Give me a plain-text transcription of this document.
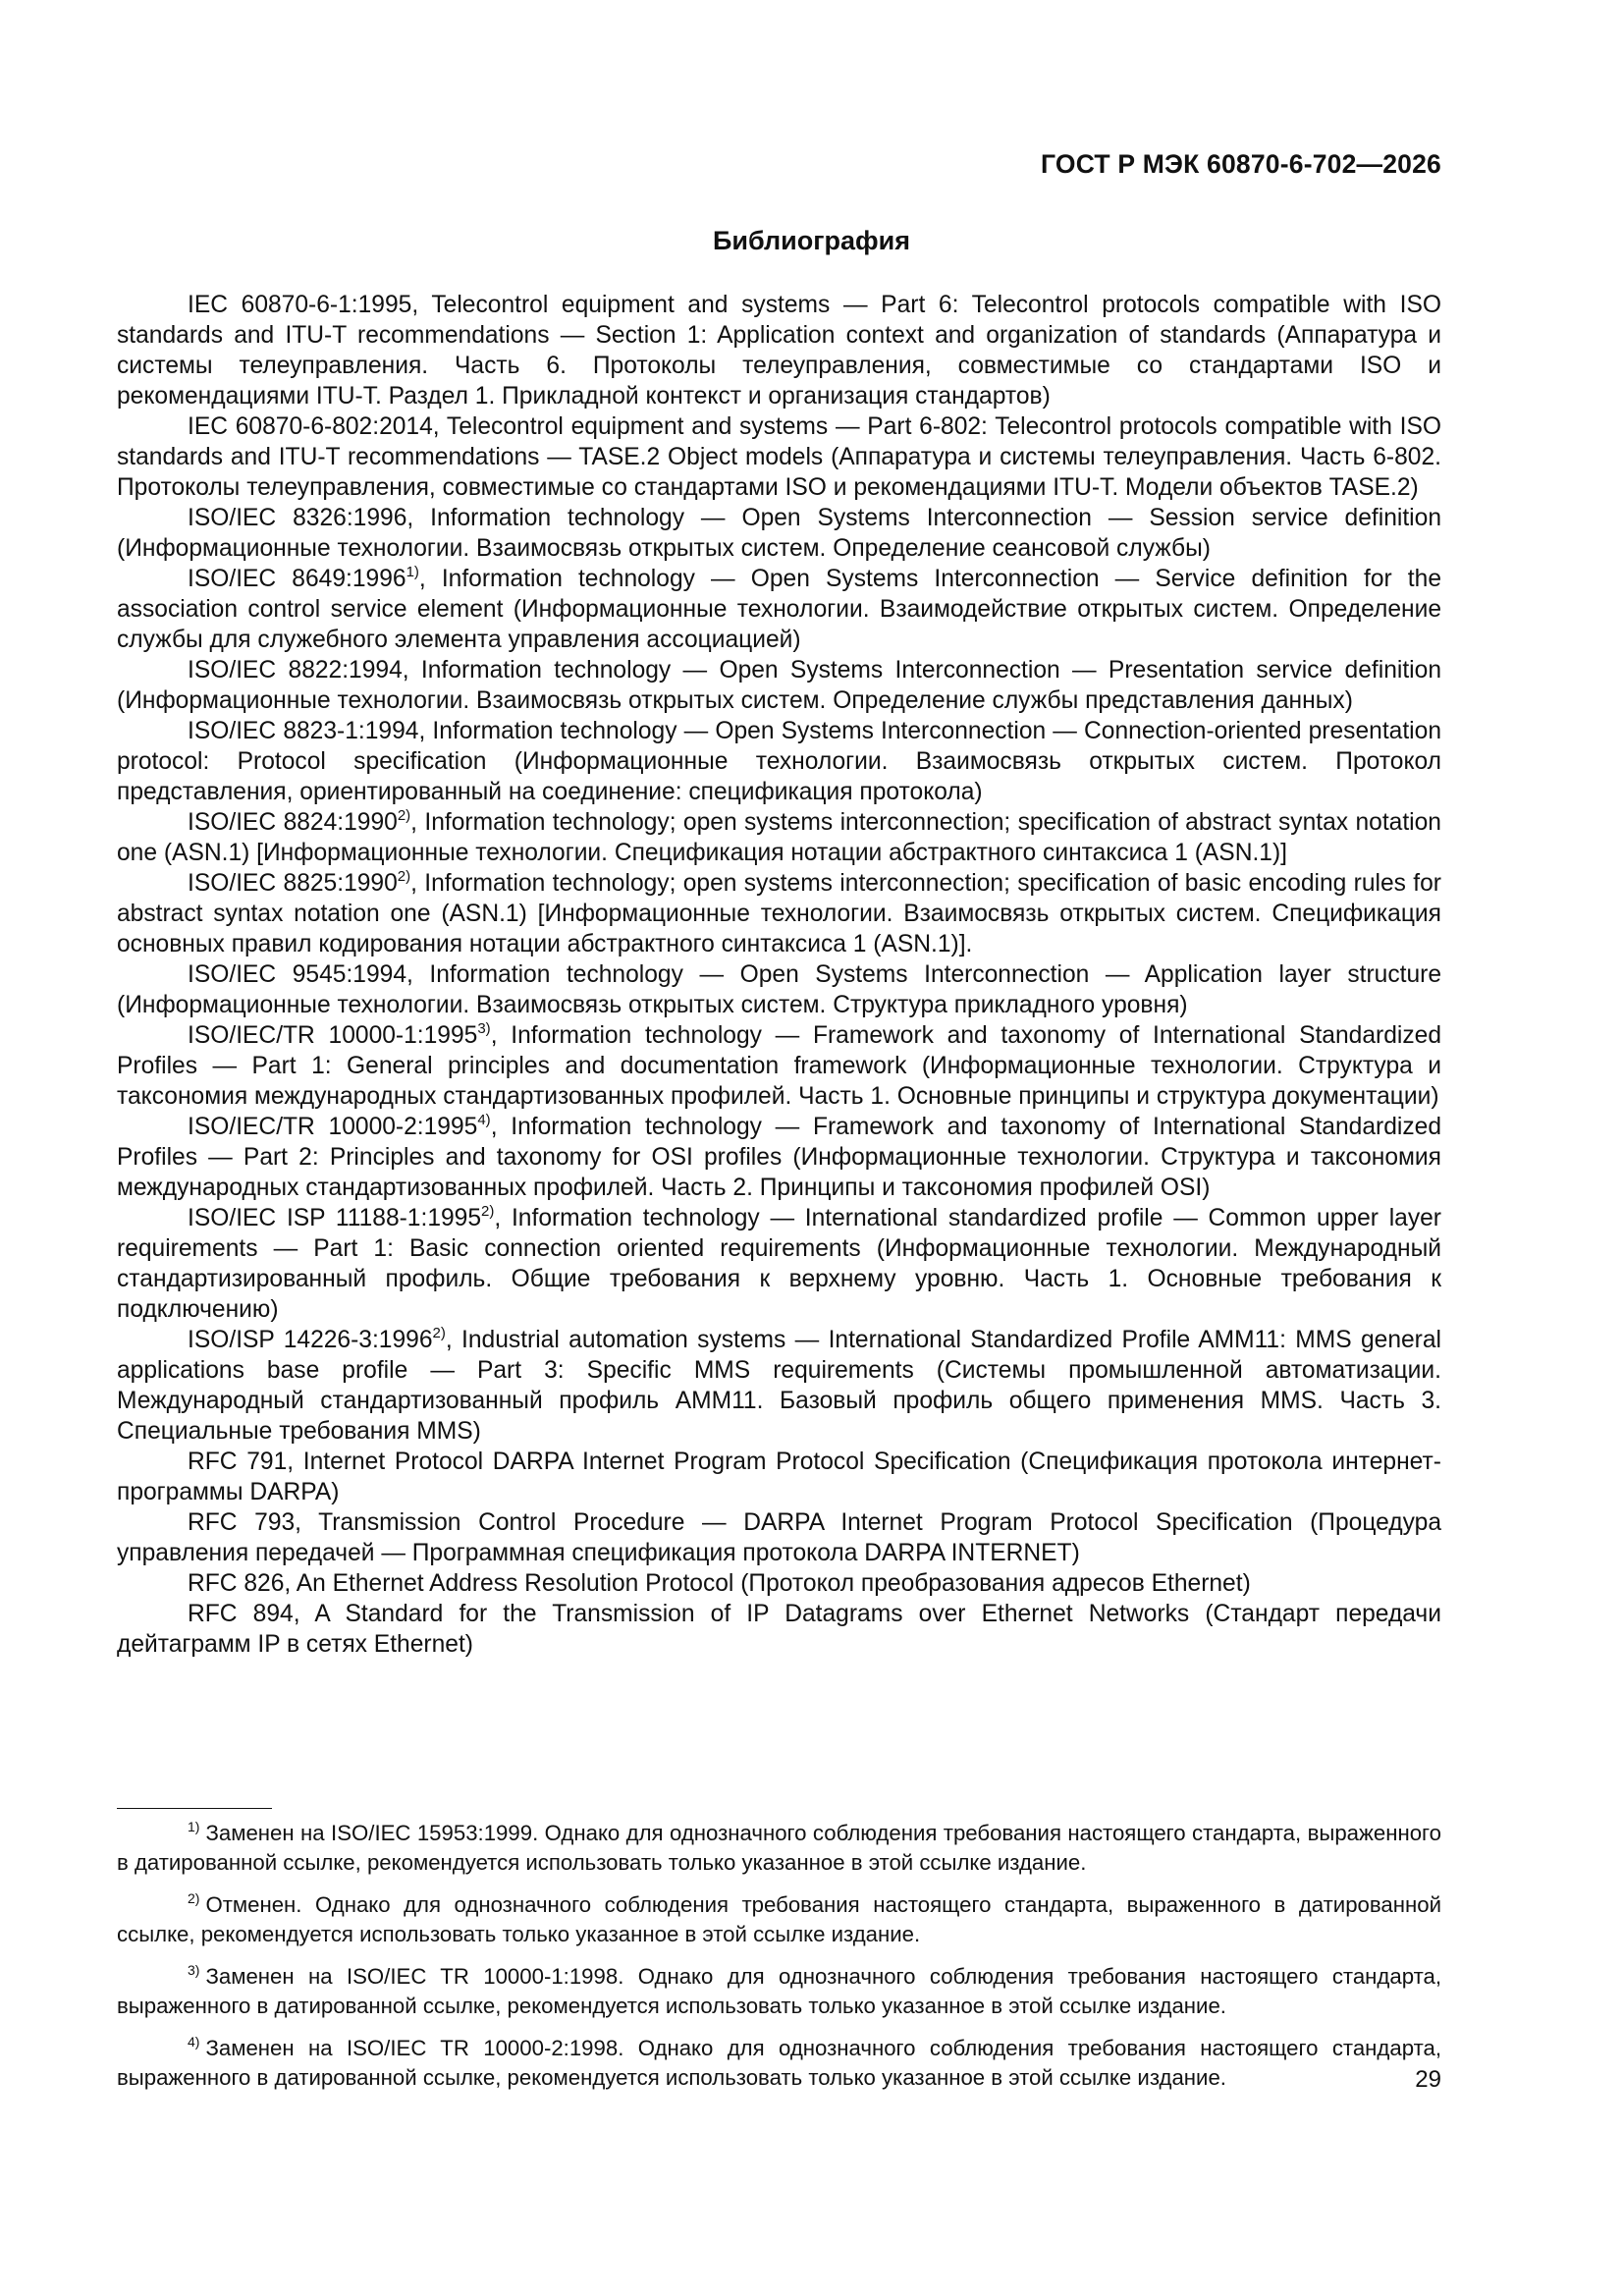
ГОСТ Р МЭК 60870-6-702—2026
Библиография

IEC 60870-6-1:1995, Telecontrol equipment and systems — Part 6: Telecontrol protocols compatible with ISO standards and ITU-T recommendations — Section 1: Application context and organization of standards (Аппаратура и системы телеуправления. Часть 6. Протоколы телеуправления, совместимые со стандартами ISO и рекомендациями ITU-T. Раздел 1. Прикладной контекст и организация стандартов)

IEC 60870-6-802:2014, Telecontrol equipment and systems — Part 6-802: Telecontrol protocols compatible with ISO standards and ITU-T recommendations — TASE.2 Object models (Аппаратура и системы телеуправления. Часть 6-802. Протоколы телеуправления, совместимые со стандартами ISO и рекомендациями ITU-T. Модели объектов TASE.2)

ISO/IEC 8326:1996, Information technology — Open Systems Interconnection — Session service definition (Информационные технологии. Взаимосвязь открытых систем. Определение сеансовой службы)

ISO/IEC 8649:1996$^{1)}$, Information technology — Open Systems Interconnection — Service definition for the association control service element (Информационные технологии. Взаимодействие открытых систем. Определение службы для служебного элемента управления ассоциацией)

ISO/IEC 8822:1994, Information technology — Open Systems Interconnection — Presentation service definition (Информационные технологии. Взаимосвязь открытых систем. Определение службы представления данных)

ISO/IEC 8823-1:1994, Information technology — Open Systems Interconnection — Connection-oriented presentation protocol: Protocol specification (Информационные технологии. Взаимосвязь открытых систем. Протокол представления, ориентированный на соединение: спецификация протокола)

ISO/IEC 8824:1990$^{2)}$, Information technology; open systems interconnection; specification of abstract syntax notation one (ASN.1) [Информационные технологии. Спецификация нотации абстрактного синтаксиса 1 (ASN.1)]

ISO/IEC 8825:1990$^{2)}$, Information technology; open systems interconnection; specification of basic encoding rules for abstract syntax notation one (ASN.1) [Информационные технологии. Взаимосвязь открытых систем. Спецификация основных правил кодирования нотации абстрактного синтаксиса 1 (ASN.1)].

ISO/IEC 9545:1994, Information technology — Open Systems Interconnection — Application layer structure (Информационные технологии. Взаимосвязь открытых систем. Структура прикладного уровня)

ISO/IEC/TR 10000-1:1995$^{3)}$, Information technology — Framework and taxonomy of International Standardized Profiles — Part 1: General principles and documentation framework (Информационные технологии. Структура и таксономия международных стандартизованных профилей. Часть 1. Основные принципы и структура документации)

ISO/IEC/TR 10000-2:1995$^{4)}$, Information technology — Framework and taxonomy of International Standardized Profiles — Part 2: Principles and taxonomy for OSI profiles (Информационные технологии. Структура и таксономия международных стандартизованных профилей. Часть 2. Принципы и таксономия профилей OSI)

ISO/IEC ISP 11188-1:1995$^{2)}$, Information technology — International standardized profile — Common upper layer requirements — Part 1: Basic connection oriented requirements (Информационные технологии. Международный стандартизированный профиль. Общие требования к верхнему уровню. Часть 1. Основные требования к подключению)

ISO/ISP 14226-3:1996$^{2)}$, Industrial automation systems — International Standardized Profile AMM11: MMS general applications base profile — Part 3: Specific MMS requirements (Системы промышленной автоматизации. Международный стандартизованный профиль AMM11. Базовый профиль общего применения MMS. Часть 3. Специальные требования MMS)

RFC 791, Internet Protocol DARPA Internet Program Protocol Specification (Спецификация протокола интернет-программы DARPA)

RFC 793, Transmission Control Procedure — DARPA Internet Program Protocol Specification (Процедура управления передачей — Программная спецификация протокола DARPA INTERNET)

RFC 826, An Ethernet Address Resolution Protocol (Протокол преобразования адресов Ethernet)

RFC 894, A Standard for the Transmission of IP Datagrams over Ethernet Networks (Стандарт передачи дейтаграмм IP в сетях Ethernet)

$^{1)}$ Заменен на ISO/IEC 15953:1999. Однако для однозначного соблюдения требования настоящего стандарта, выраженного в датированной ссылке, рекомендуется использовать только указанное в этой ссылке издание.

$^{2)}$ Отменен. Однако для однозначного соблюдения требования настоящего стандарта, выраженного в датированной ссылке, рекомендуется использовать только указанное в этой ссылке издание.

$^{3)}$ Заменен на ISO/IEC TR 10000-1:1998. Однако для однозначного соблюдения требования настоящего стандарта, выраженного в датированной ссылке, рекомендуется использовать только указанное в этой ссылке издание.

$^{4)}$ Заменен на ISO/IEC TR 10000-2:1998. Однако для однозначного соблюдения требования настоящего стандарта, выраженного в датированной ссылке, рекомендуется использовать только указанное в этой ссылке издание.	29
